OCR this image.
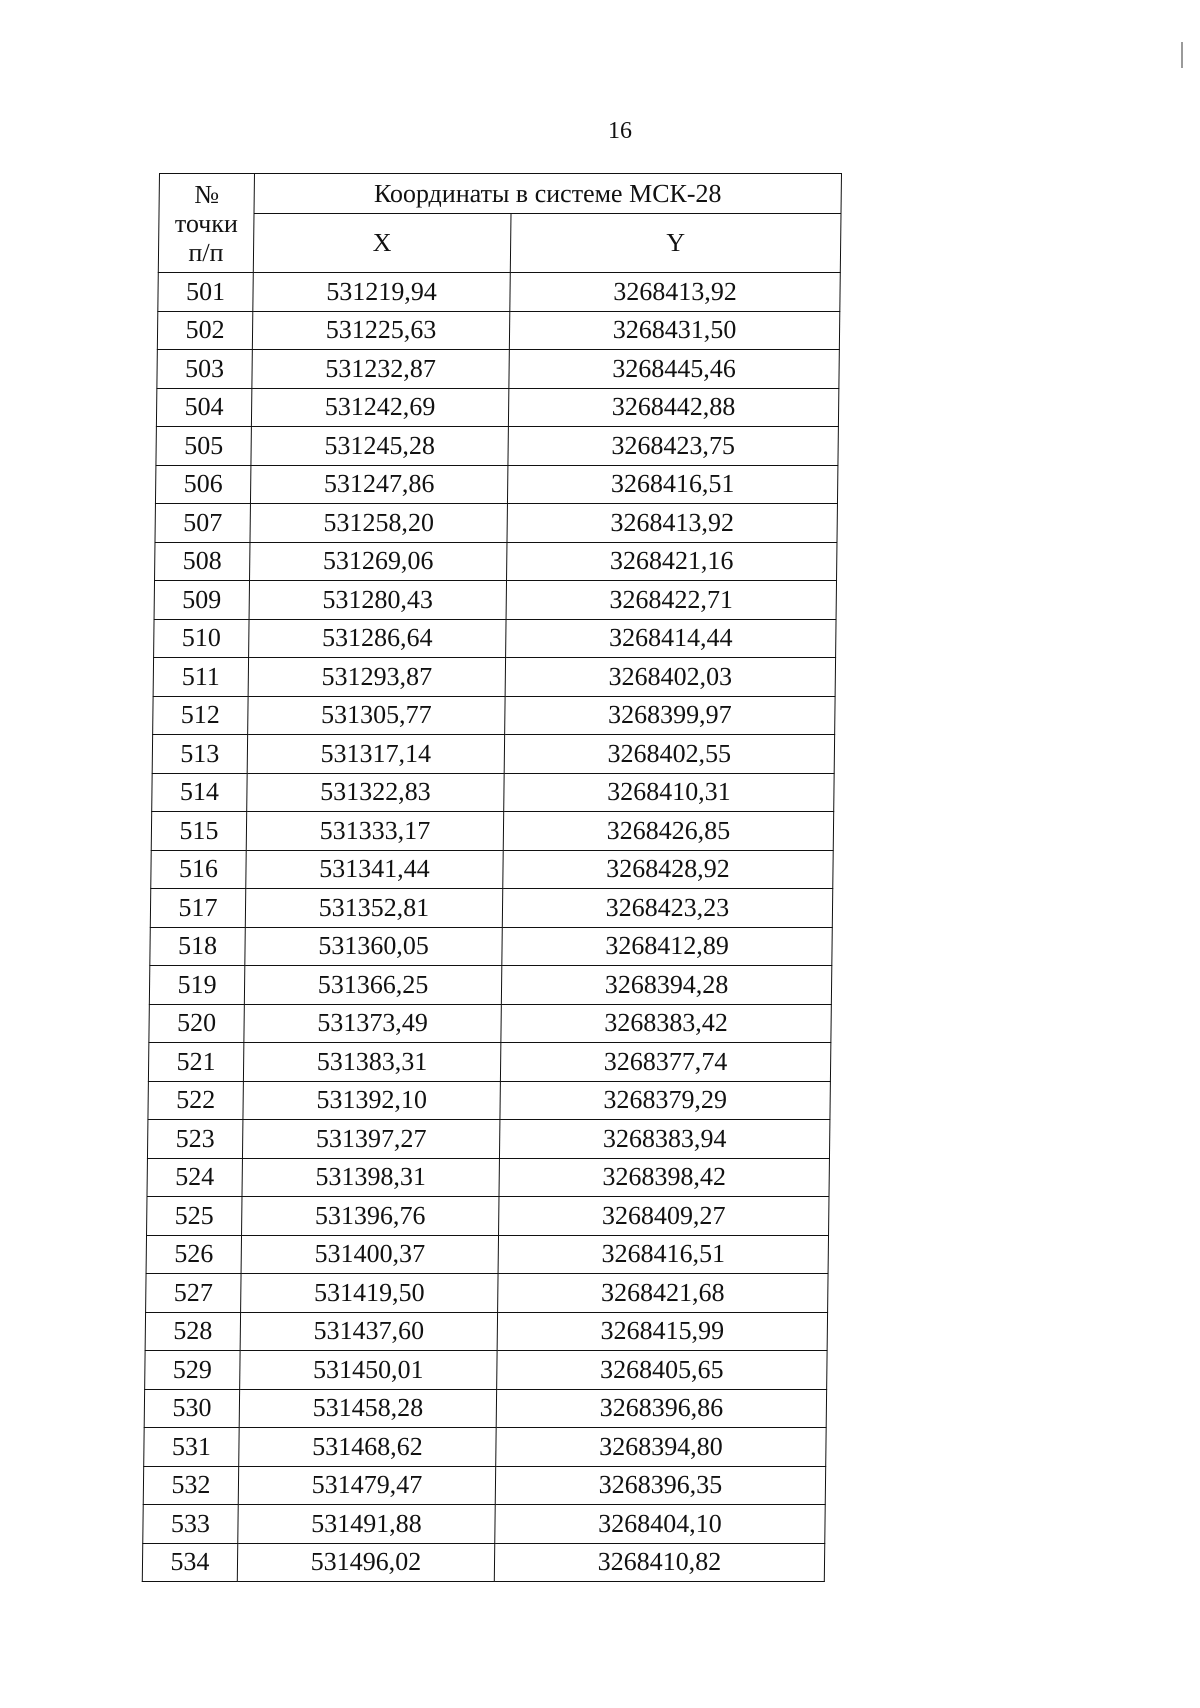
16
№
точки
п/п	Координаты в системе МСК-28	
	X	Y
501	531219,94	3268413,92
502	531225,63	3268431,50
503	531232,87	3268445,46
504	531242,69	3268442,88
505	531245,28	3268423,75
506	531247,86	3268416,51
507	531258,20	3268413,92
508	531269,06	3268421,16
509	531280,43	3268422,71
510	531286,64	3268414,44
511	531293,87	3268402,03
512	531305,77	3268399,97
513	531317,14	3268402,55
514	531322,83	3268410,31
515	531333,17	3268426,85
516	531341,44	3268428,92
517	531352,81	3268423,23
518	531360,05	3268412,89
519	531366,25	3268394,28
520	531373,49	3268383,42
521	531383,31	3268377,74
522	531392,10	3268379,29
523	531397,27	3268383,94
524	531398,31	3268398,42
525	531396,76	3268409,27
526	531400,37	3268416,51
527	531419,50	3268421,68
528	531437,60	3268415,99
529	531450,01	3268405,65
530	531458,28	3268396,86
531	531468,62	3268394,80
532	531479,47	3268396,35
533	531491,88	3268404,10
534	531496,02	3268410,82
